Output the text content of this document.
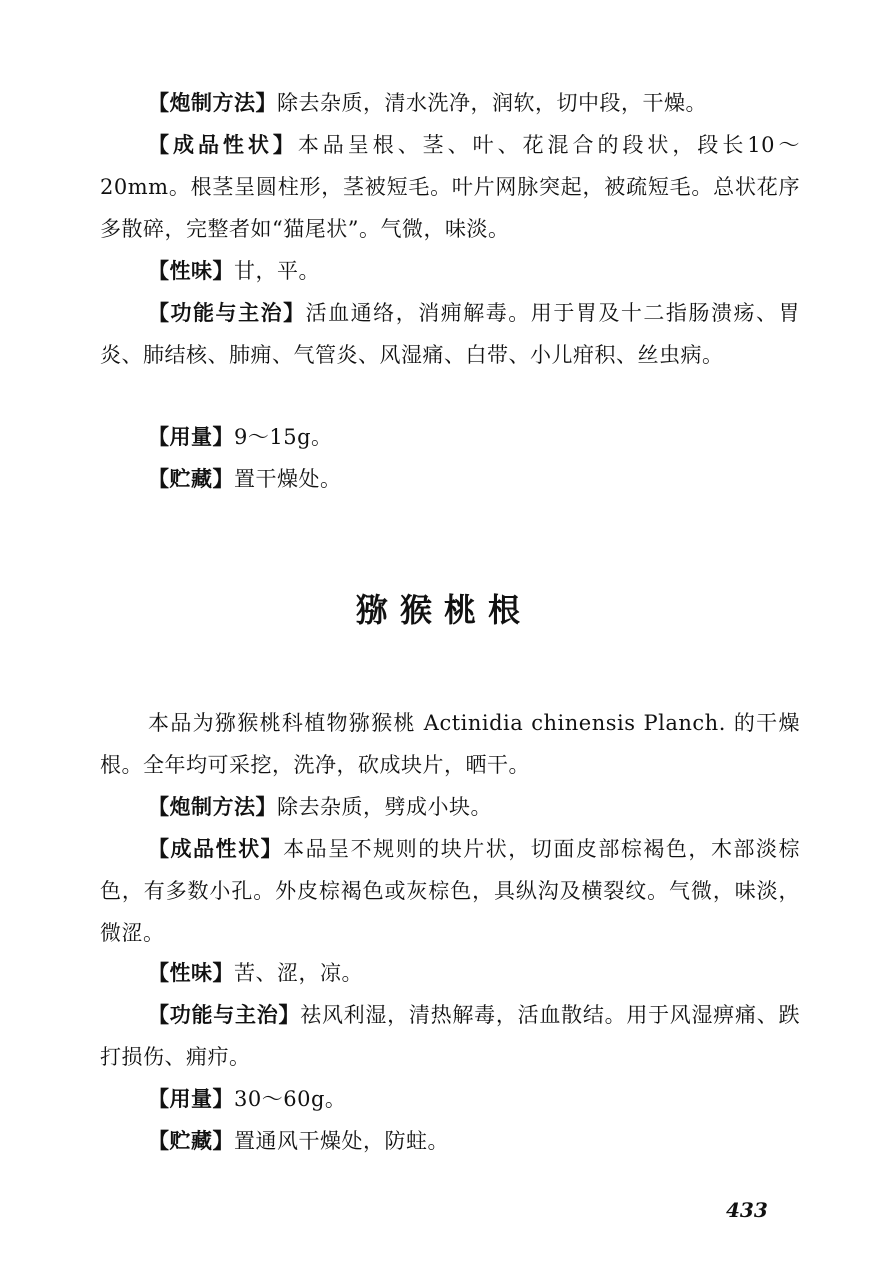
【炮制方法】除去杂质，清水洗净，润软，切中段，干燥。

【成品性状】本品呈根、茎、叶、花混合的段状，段长10～20mm。根茎呈圆柱形，茎被短毛。叶片网脉突起，被疏短毛。总状花序多散碎，完整者如“猫尾状”。气微，味淡。

【性味】甘，平。

【功能与主治】活血通络，消痈解毒。用于胃及十二指肠溃疡、胃炎、肺结核、肺痈、气管炎、风湿痛、白带、小儿疳积、丝虫病。

【用量】9～15g。

【贮藏】置干燥处。

猕猴桃根

本品为猕猴桃科植物猕猴桃 Actinidia chinensis Planch. 的干燥根。全年均可采挖，洗净，砍成块片，晒干。

【炮制方法】除去杂质，劈成小块。

【成品性状】本品呈不规则的块片状，切面皮部棕褐色，木部淡棕色，有多数小孔。外皮棕褐色或灰棕色，具纵沟及横裂纹。气微，味淡，微涩。

【性味】苦、涩，凉。

【功能与主治】祛风利湿，清热解毒，活血散结。用于风湿痹痛、跌打损伤、痈疖。

【用量】30～60g。

【贮藏】置通风干燥处，防蛀。

433
